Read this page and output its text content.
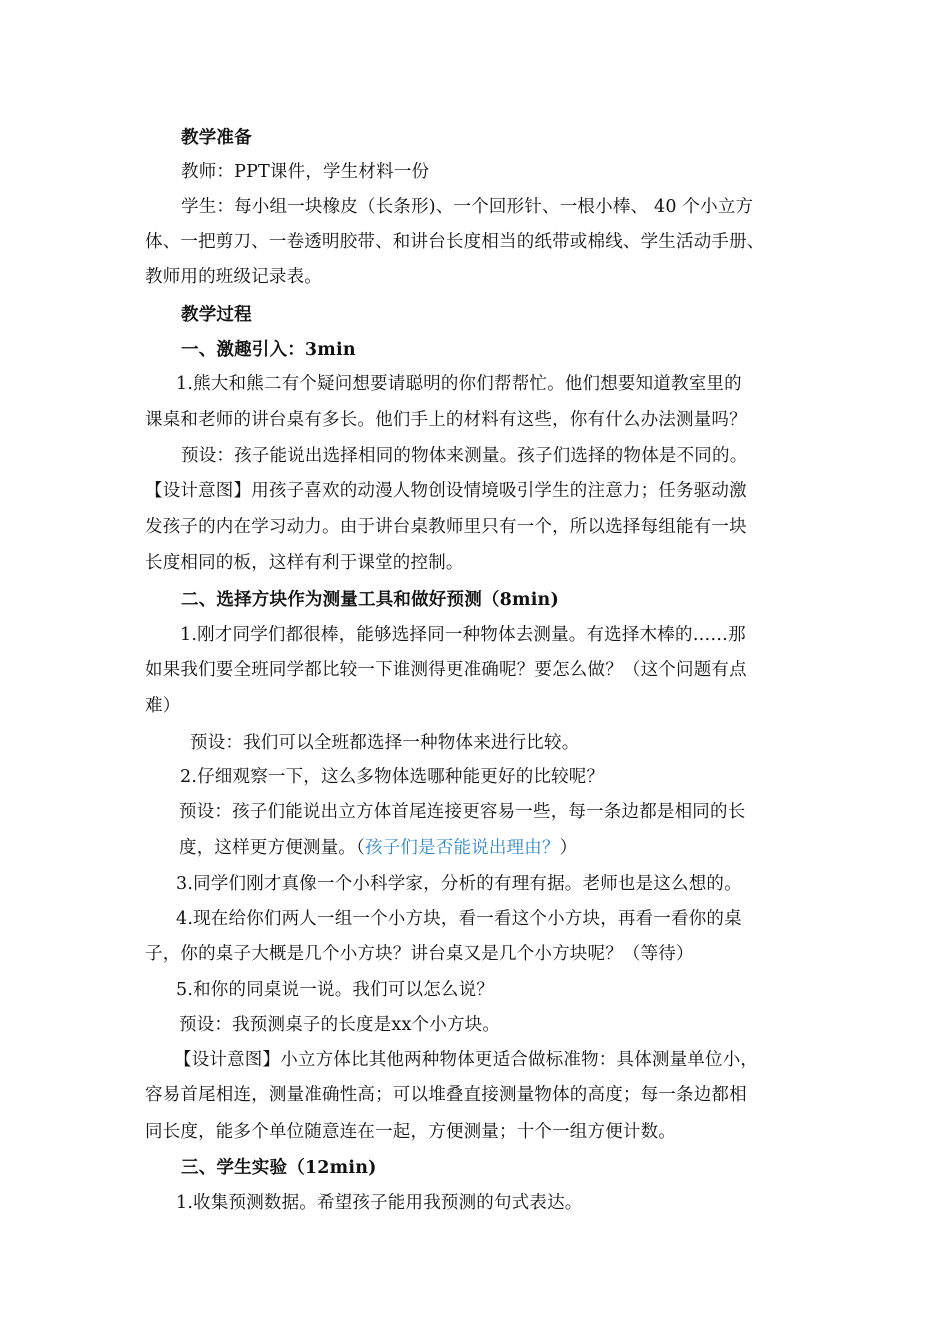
教学准备
教师：PPT课件，学生材料一份
学生：每小组一块橡皮（长条形)、一个回形针、一根小棒、 40 个小立方
体、一把剪刀、一卷透明胶带、和讲台长度相当的纸带或棉线、学生活动手册、
教师用的班级记录表。
教学过程
一、激趣引入：3min
1.熊大和熊二有个疑问想要请聪明的你们帮帮忙。他们想要知道教室里的
课桌和老师的讲台桌有多长。他们手上的材料有这些，你有什么办法测量吗？
预设：孩子能说出选择相同的物体来测量。孩子们选择的物体是不同的。
【设计意图】用孩子喜欢的动漫人物创设情境吸引学生的注意力；任务驱动激
发孩子的内在学习动力。由于讲台桌教师里只有一个，所以选择每组能有一块
长度相同的板，这样有利于课堂的控制。
二、选择方块作为测量工具和做好预测（8min)
1.刚才同学们都很棒，能够选择同一种物体去测量。有选择木棒的……那
如果我们要全班同学都比较一下谁测得更准确呢？要怎么做？（这个问题有点
难）
预设：我们可以全班都选择一种物体来进行比较。
2.仔细观察一下，这么多物体选哪种能更好的比较呢？
预设：孩子们能说出立方体首尾连接更容易一些，每一条边都是相同的长
度，这样更方便测量。（孩子们是否能说出理由？）
3.同学们刚才真像一个小科学家，分析的有理有据。老师也是这么想的。
4.现在给你们两人一组一个小方块，看一看这个小方块，再看一看你的桌
子，你的桌子大概是几个小方块？讲台桌又是几个小方块呢？（等待）
5.和你的同桌说一说。我们可以怎么说？
预设：我预测桌子的长度是xx个小方块。
【设计意图】小立方体比其他两种物体更适合做标准物：具体测量单位小，
容易首尾相连，测量准确性高；可以堆叠直接测量物体的高度；每一条边都相
同长度，能多个单位随意连在一起，方便测量；十个一组方便计数。
三、学生实验（12min)
1.收集预测数据。希望孩子能用我预测的句式表达。
